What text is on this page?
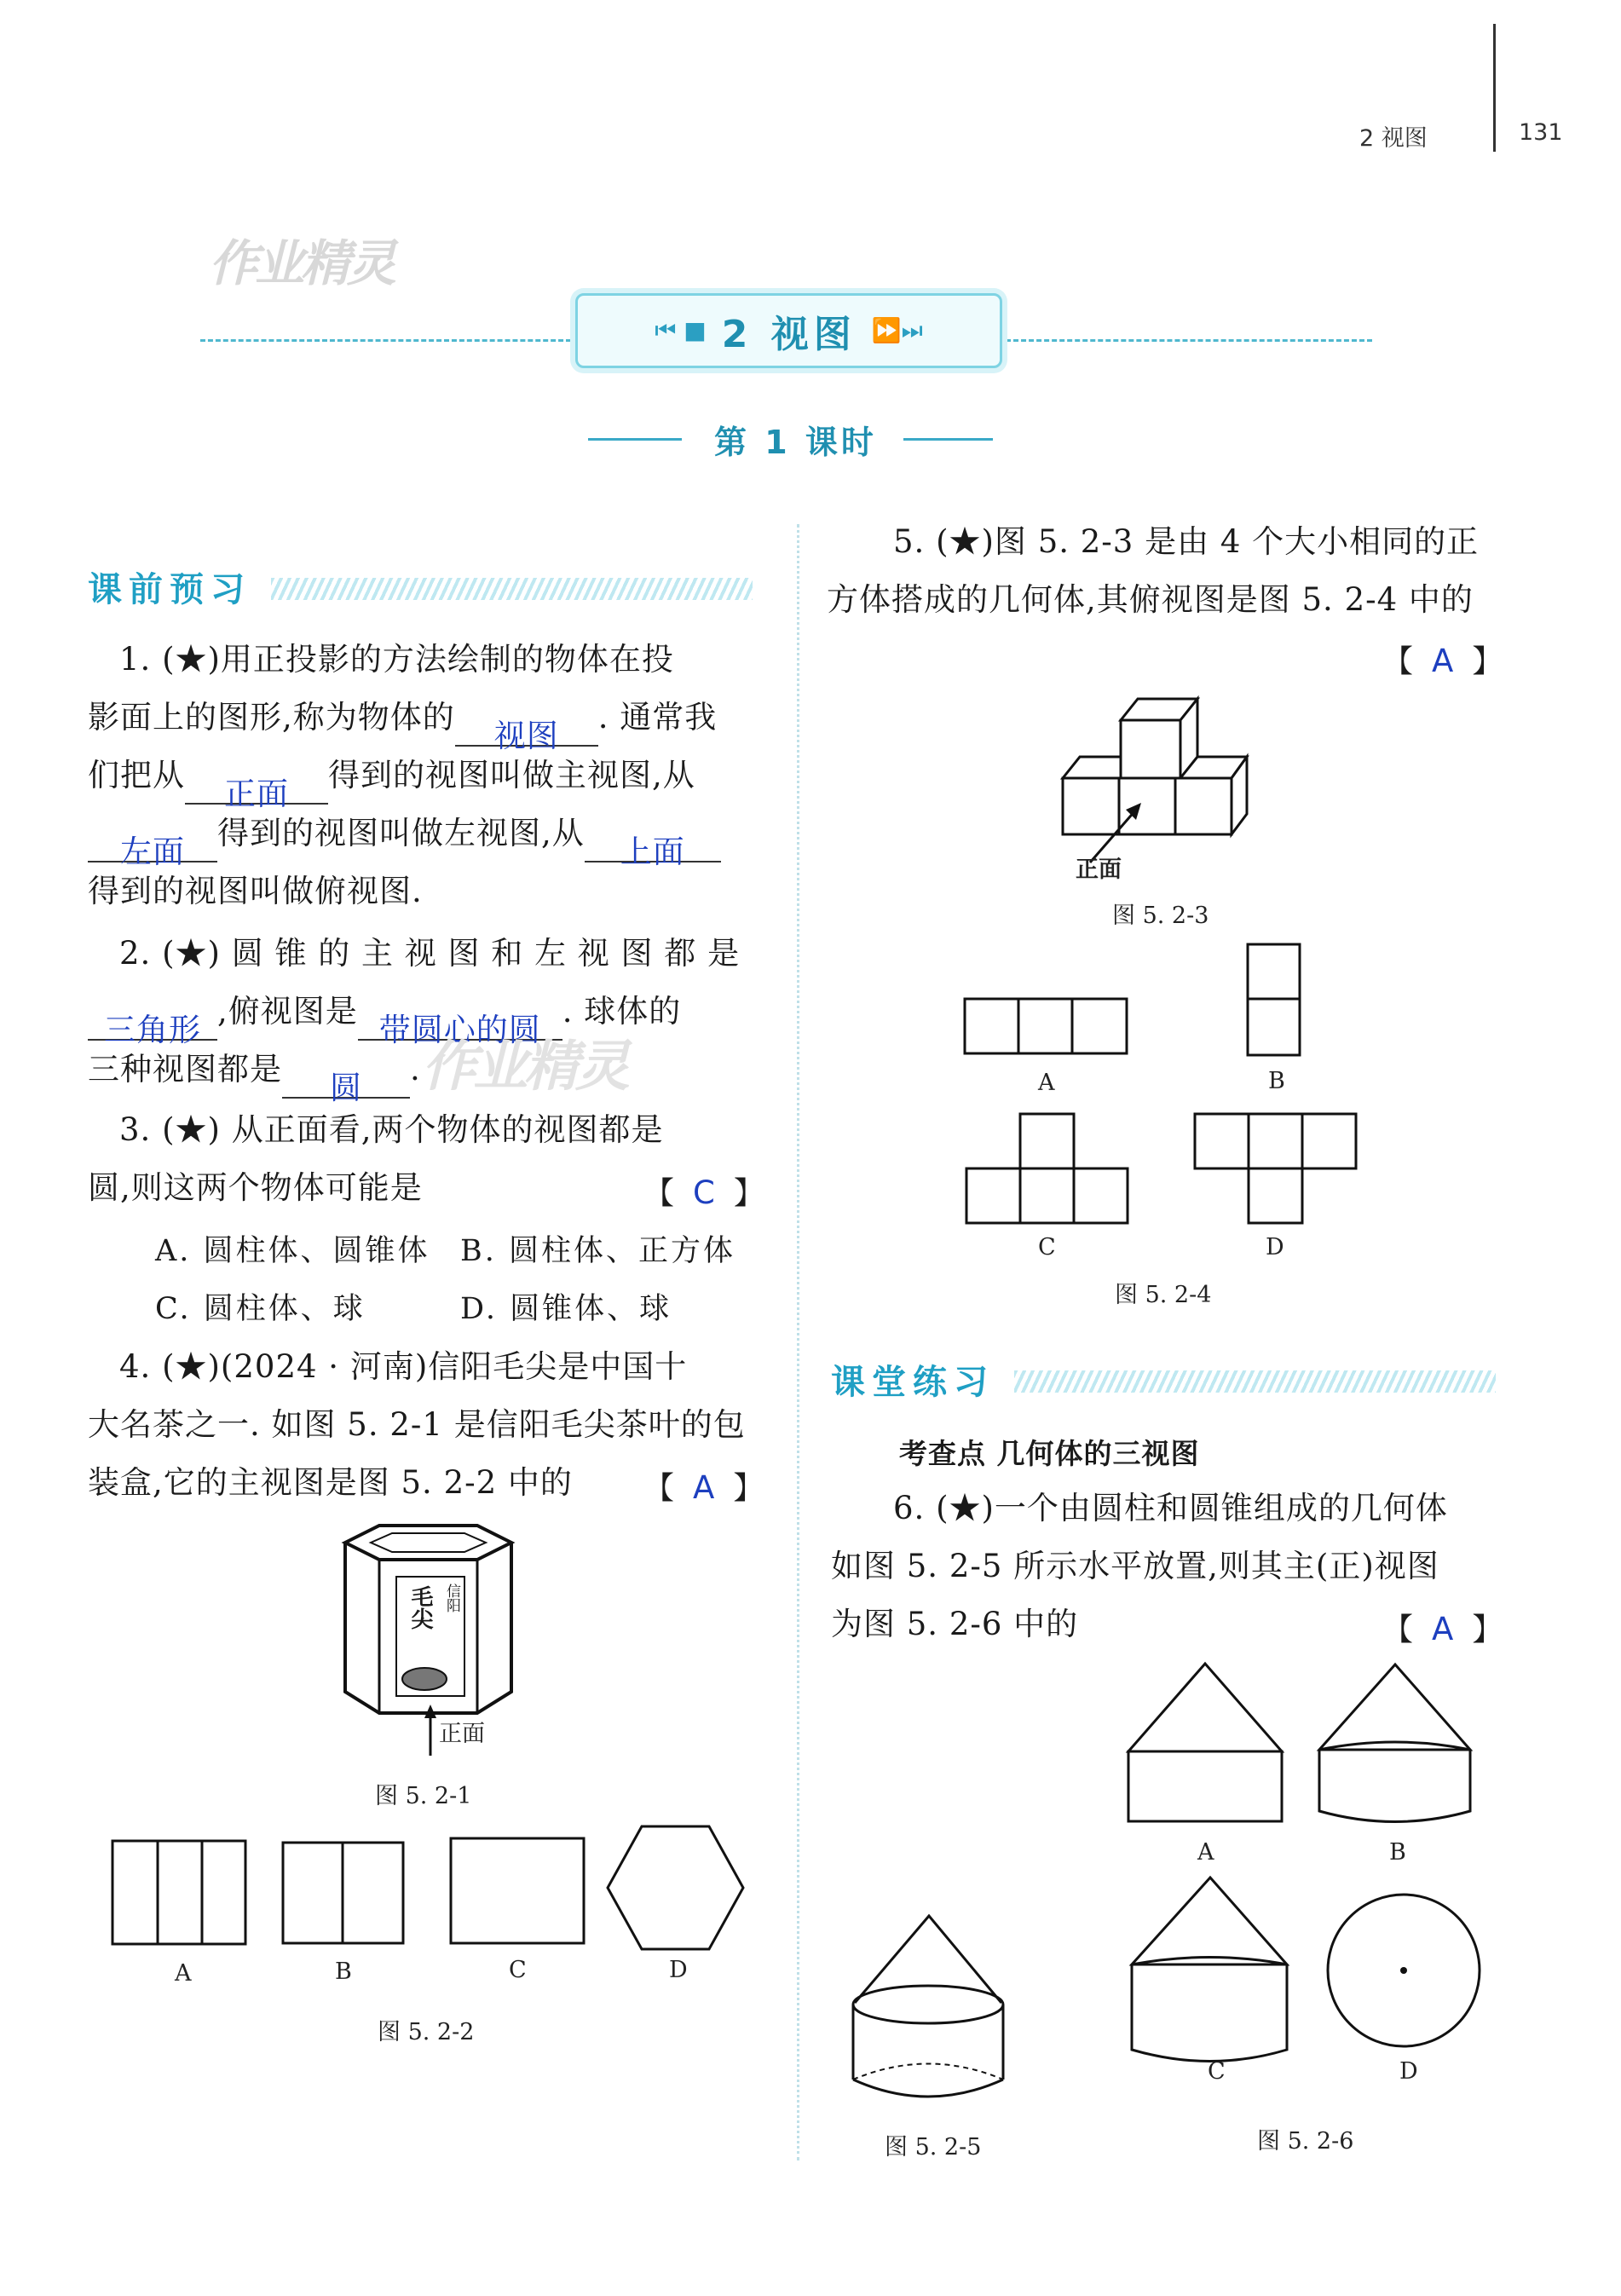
2 视图	131
作业精灵
⏮ ■ 2 视图 ⏩⏭
第 1 课时
课前预习
1. (★)用正投影的方法绘制的物体在投
影面上的图形,称为物体的视图. 通常我
们把从正面得到的视图叫做主视图,从
左面得到的视图叫做左视图,从上面
得到的视图叫做俯视图.
2. (★) 圆 锥 的 主 视 图 和 左 视 图 都 是
三角形,俯视图是带圆心的圆. 球体的
三种视图都是圆. 作业精灵
3. (★) 从正面看,两个物体的视图都是
圆,则这两个物体可能是	【 C 】
A. 圆柱体、圆锥体 B. 圆柱体、正方体
C. 圆柱体、球	D. 圆锥体、球
4. (★)(2024 · 河南)信阳毛尖是中国十
大名茶之一. 如图 5. 2-1 是信阳毛尖茶叶的包
装盒,它的主视图是图 5. 2-2 中的 【 A 】
毛尖 信阳
正面
图 5. 2-1
A	B	C	D
图 5. 2-2
5. (★)图 5. 2-3 是由 4 个大小相同的正
方体搭成的几何体,其俯视图是图 5. 2-4 中的
【 A 】
正面
图 5. 2-3
A	B
C	D
图 5. 2-4
课堂练习
考查点 几何体的三视图
6. (★)一个由圆柱和圆锥组成的几何体
如图 5. 2-5 所示水平放置,则其主(正)视图
为图 5. 2-6 中的	【 A 】
A	B
图 5. 2-5
C	D
图 5. 2-6
